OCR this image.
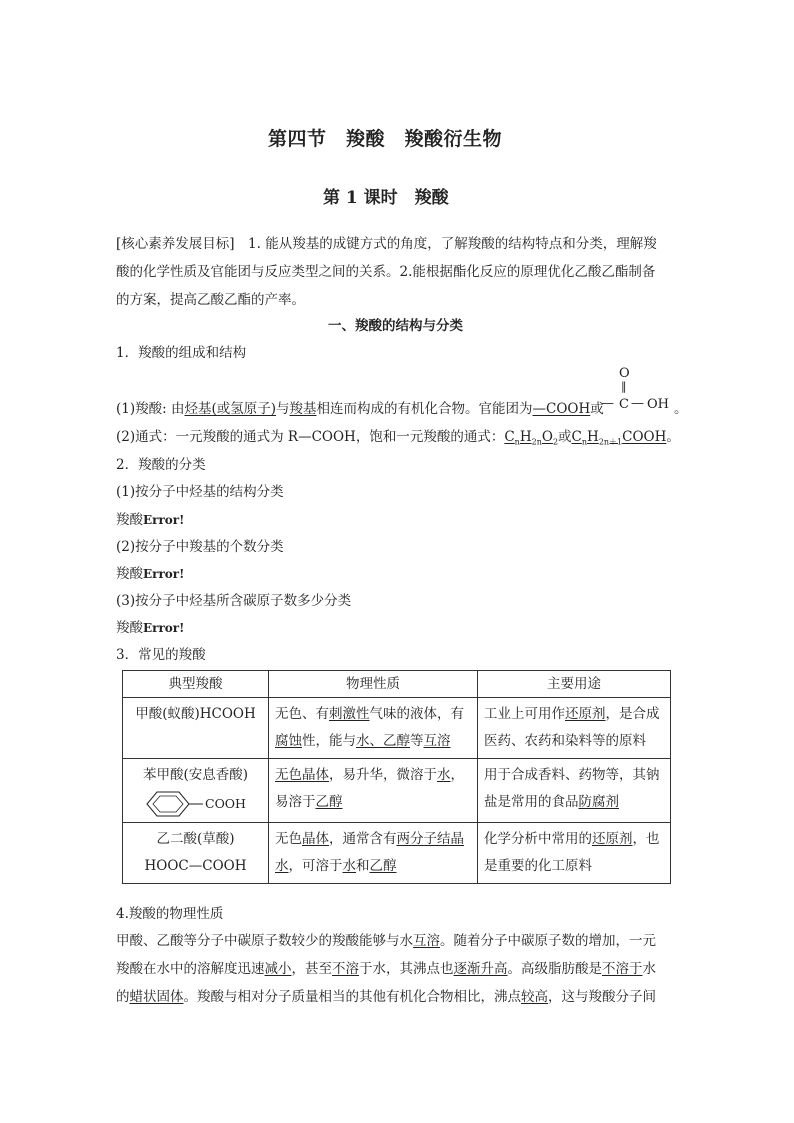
第四节　羧酸　羧酸衍生物
第 1 课时　羧酸
[核心素养发展目标]　1. 能从羧基的成键方式的角度，了解羧酸的结构特点和分类，理解羧
酸的化学性质及官能团与反应类型之间的关系。2.能根据酯化反应的原理优化乙酸乙酯制备
的方案，提高乙酸乙酯的产率。
一、羧酸的结构与分类
1．羧酸的组成和结构
O
‖
— C — OH
(1)羧酸: 由烃基(或氢原子)与羧基相连而构成的有机化合物。官能团为—COOH或	。
(2)通式：一元羧酸的通式为 R—COOH，饱和一元羧酸的通式：$C_nH_{2n}O_2$或$C_nH_{2n+1}COOH$。
2．羧酸的分类
(1)按分子中烃基的结构分类
羧酸Error!
(2)按分子中羧基的个数分类
羧酸Error!
(3)按分子中烃基所含碳原子数多少分类
羧酸Error!
3．常见的羧酸
典型羧酸	物理性质	主要用途
甲酸(蚁酸)HCOOH	无色、有刺激性气味的液体，有腐蚀性，能与水、乙醇等互溶	工业上可用作还原剂，是合成医药、农药和染料等的原料

苯甲酸(安息香酸)
COOH	无色晶体，易升华，微溶于水，易溶于乙醇	用于合成香料、药物等，其钠盐是常用的食品防腐剂

乙二酸(草酸)
HOOC—COOH	无色晶体，通常含有两分子结晶水，可溶于水和乙醇	化学分析中常用的还原剂，也是重要的化工原料
4.羧酸的物理性质
甲酸、乙酸等分子中碳原子数较少的羧酸能够与水互溶。随着分子中碳原子数的增加，一元
羧酸在水中的溶解度迅速减小，甚至不溶于水，其沸点也逐渐升高。高级脂肪酸是不溶于水
的蜡状固体。羧酸与相对分子质量相当的其他有机化合物相比，沸点较高，这与羧酸分子间
